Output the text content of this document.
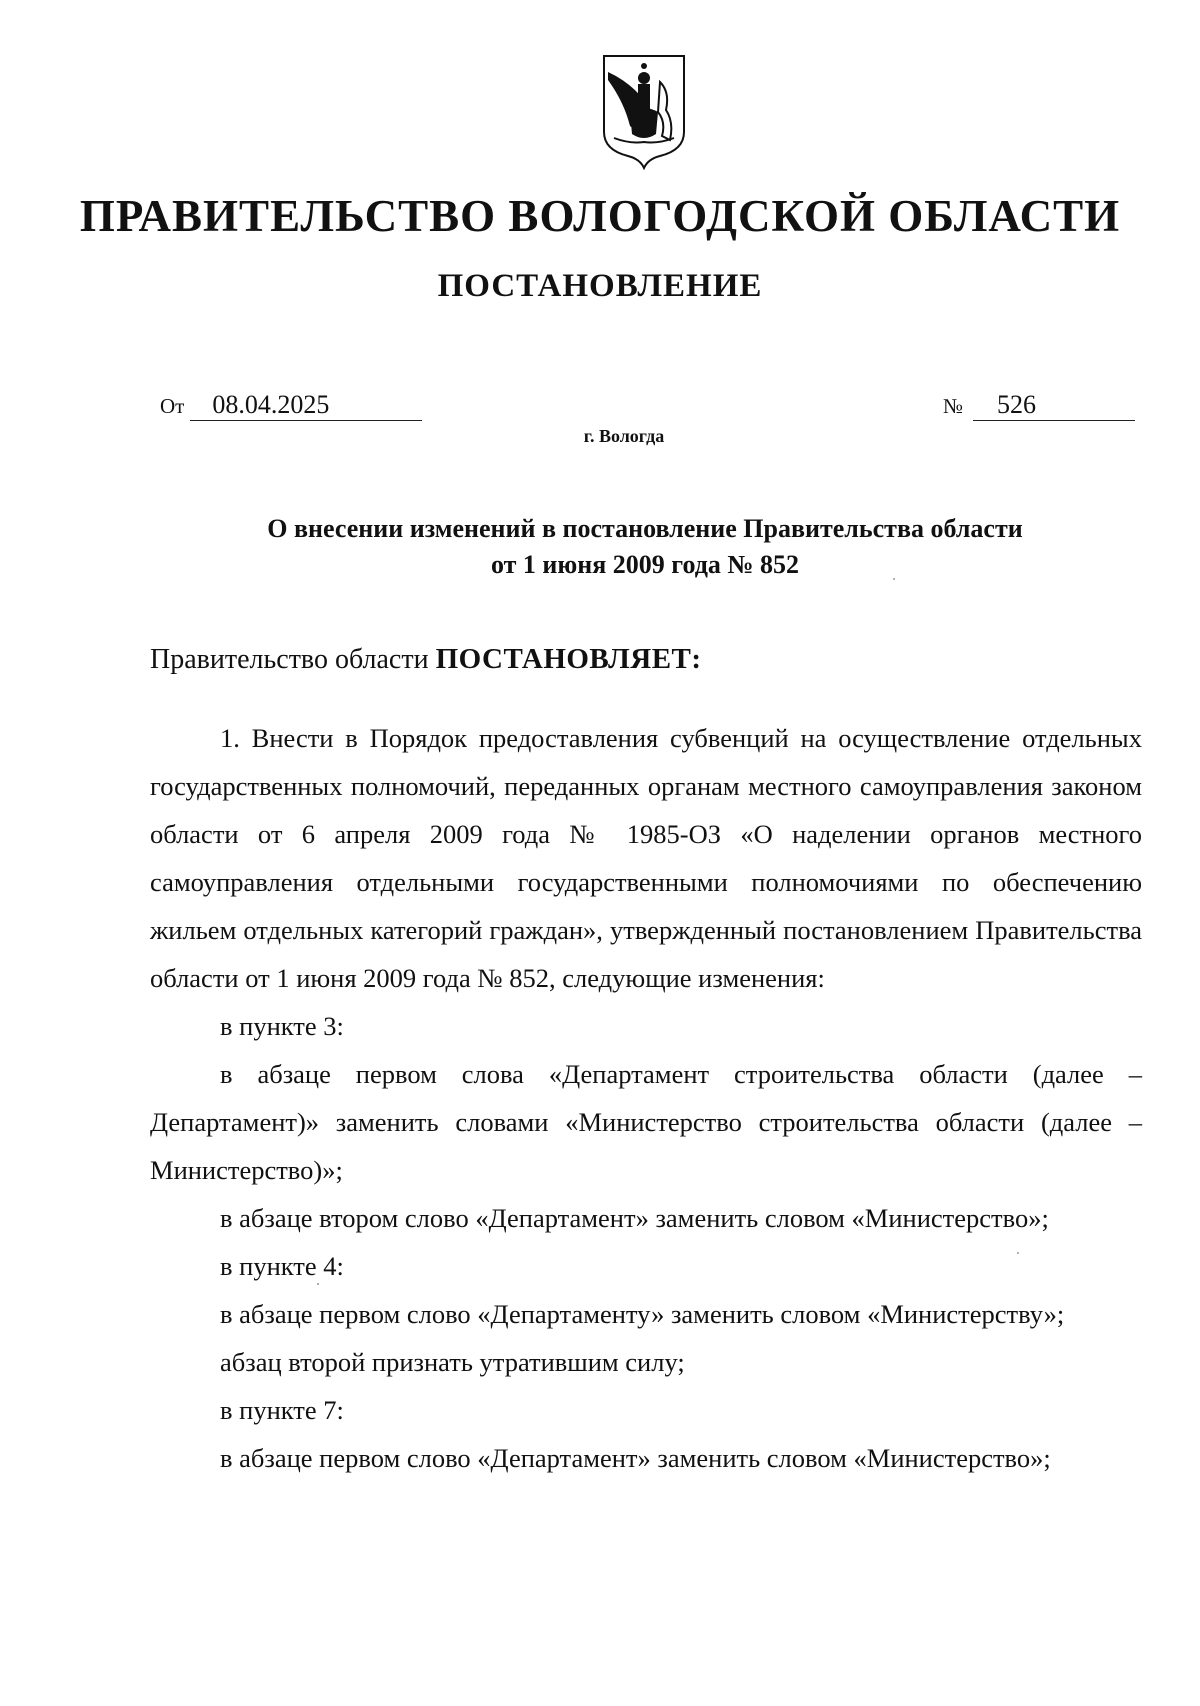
ПРАВИТЕЛЬСТВО ВОЛОГОДСКОЙ ОБЛАСТИ
ПОСТАНОВЛЕНИЕ
От 08.04.2025	№ 526
г. Вологда
О внесении изменений в постановление Правительства области
от 1 июня 2009 года № 852
Правительство области ПОСТАНОВЛЯЕТ:

1. Внести в Порядок предоставления субвенций на осуществление отдельных государственных полномочий, переданных органам местного самоуправления законом области от 6 апреля 2009 года № 1985-ОЗ «О наделении органов местного самоуправления отдельными государственными полномочиями по обеспечению жильем отдельных категорий граждан», утвержденный постановлением Правительства области от 1 июня 2009 года № 852, следующие изменения:

в пункте 3:

в абзаце первом слова «Департамент строительства области (далее – Департамент)» заменить словами «Министерство строительства области (далее – Министерство)»;

в абзаце втором слово «Департамент» заменить словом «Министерство»;

в пункте 4:

в абзаце первом слово «Департаменту» заменить словом «Министерству»;

абзац второй признать утратившим силу;

в пункте 7:

в абзаце первом слово «Департамент» заменить словом «Министерство»;
